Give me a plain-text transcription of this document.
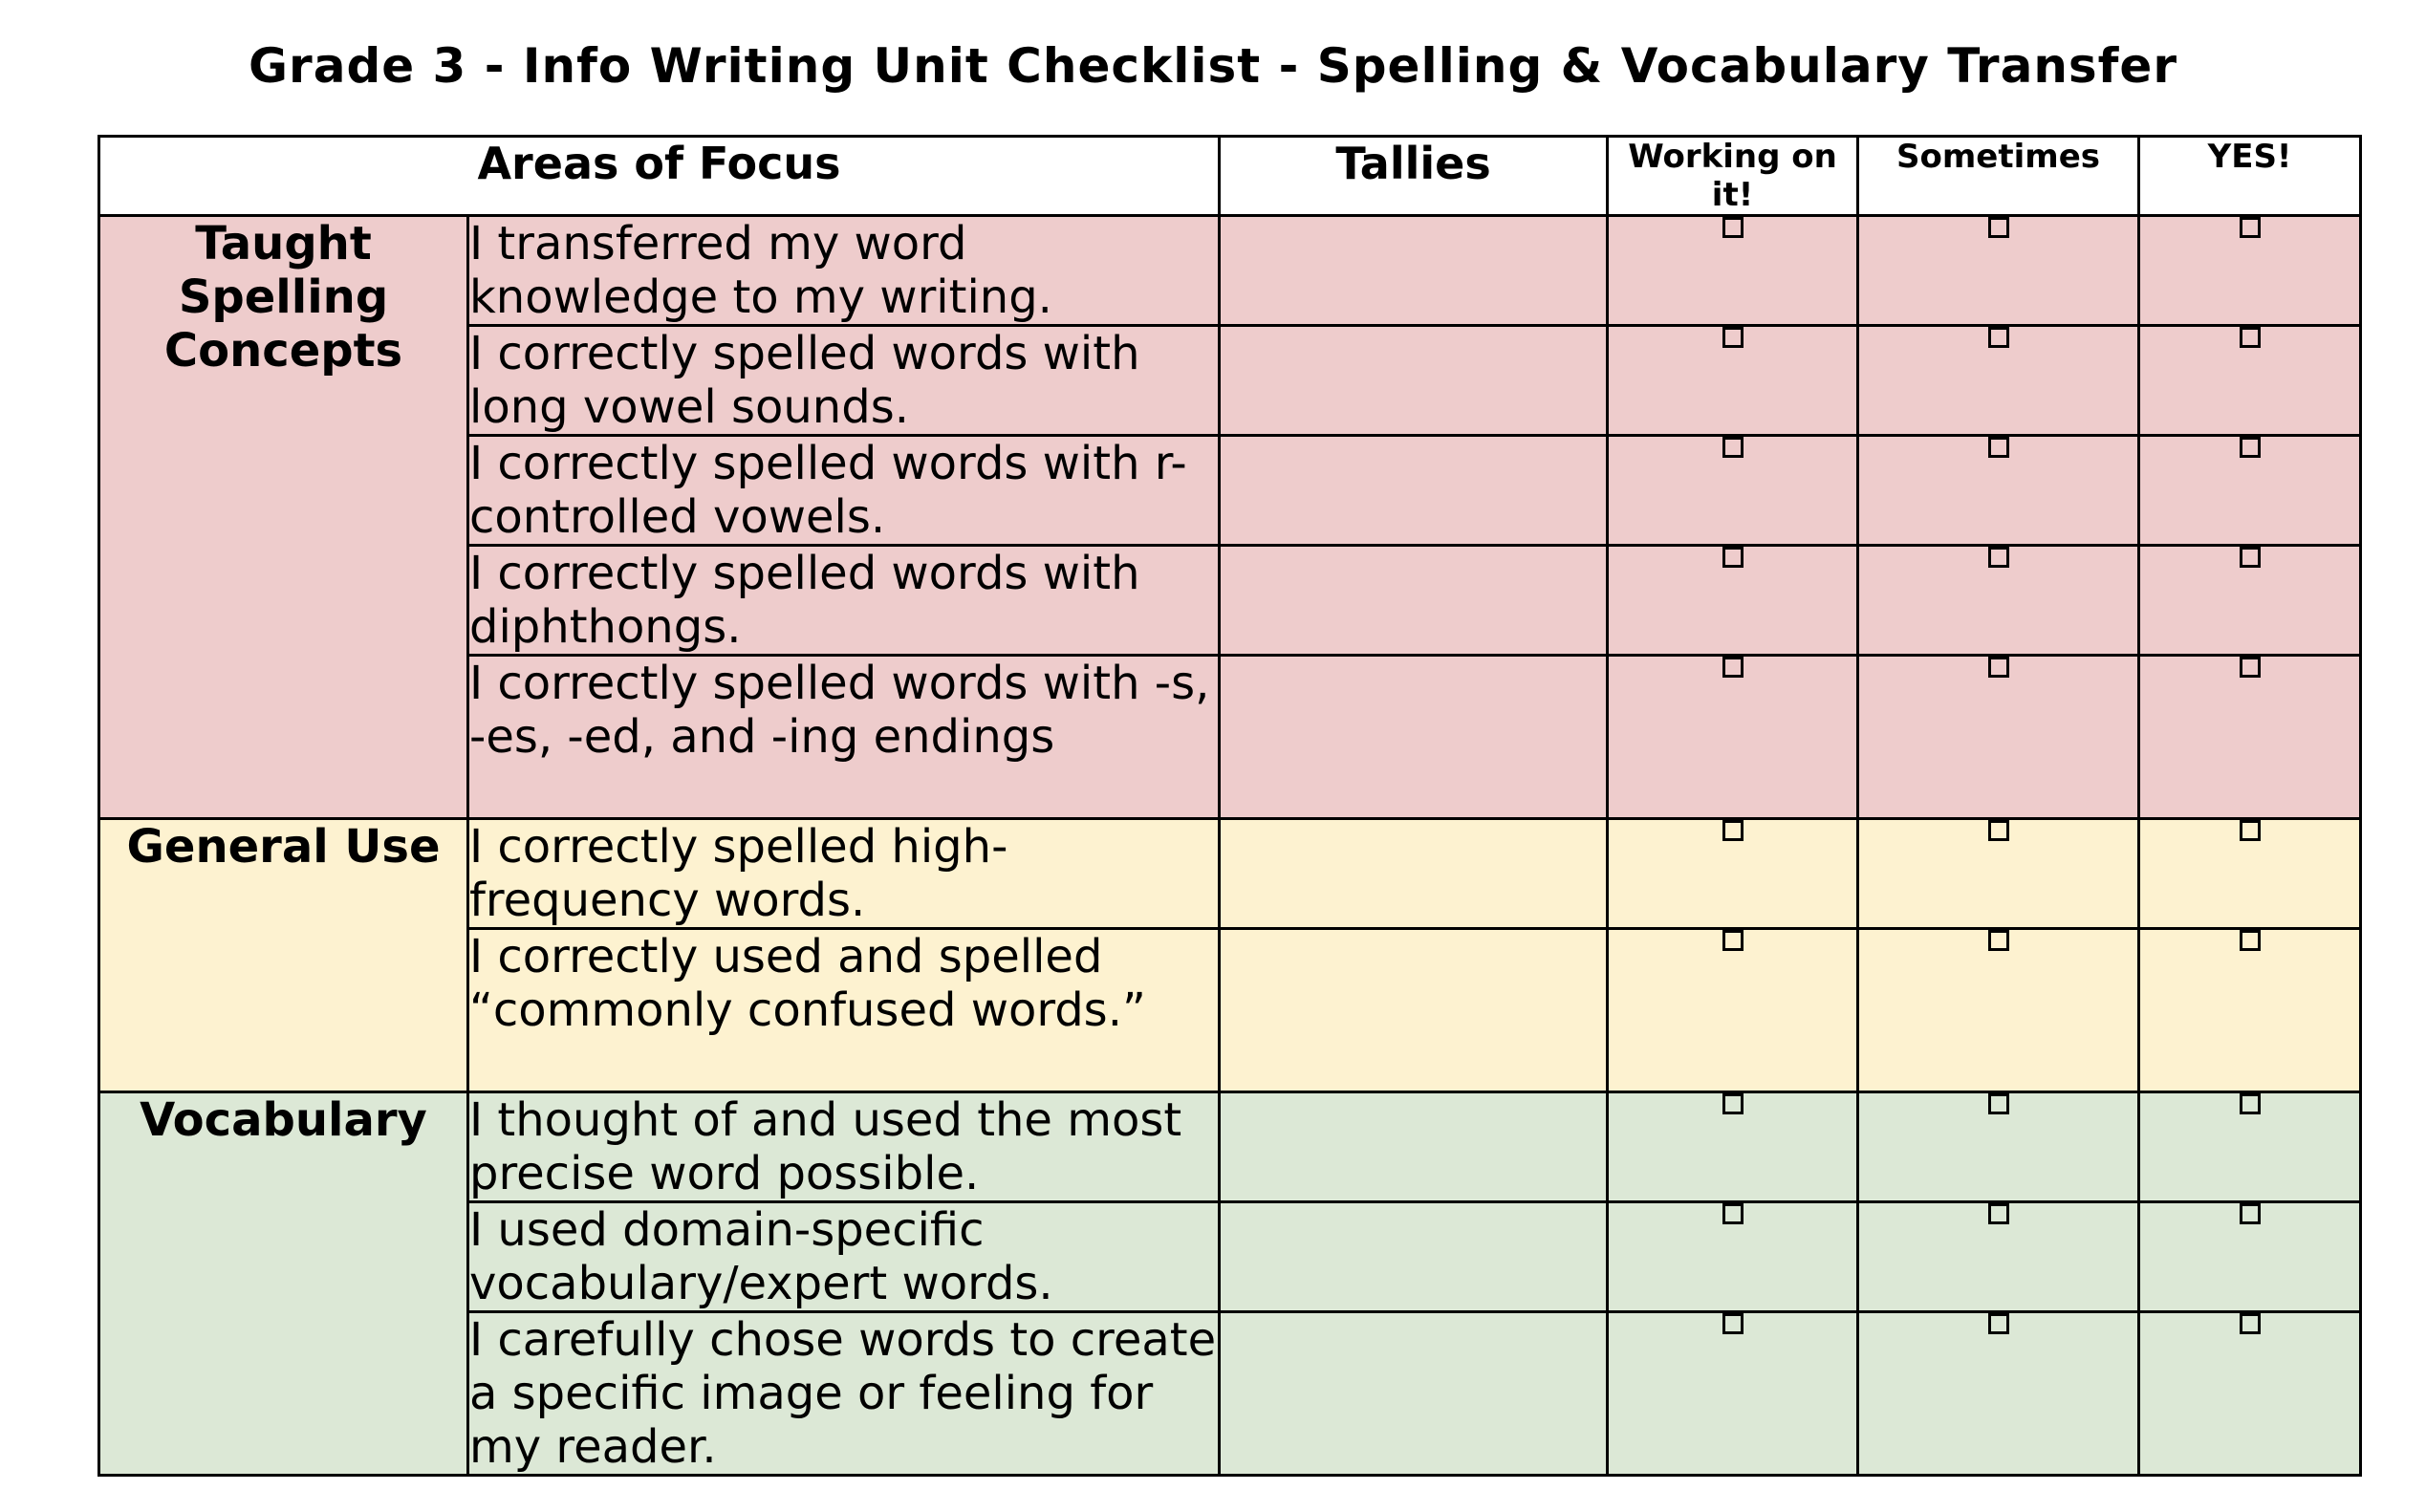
Grade 3 - Info Writing Unit Checklist - Spelling & Vocabulary Transfer
Areas of Focus		Tallies	Working on it!	Sometimes	YES!
Taught Spelling Concepts	I transferred my word knowledge to my writing.				
	I correctly spelled words with long vowel sounds.				
	I correctly spelled words with r-controlled vowels.				
	I correctly spelled words with diphthongs.				
	I correctly spelled words with -s, -es, -ed, and -ing endings				
General Use	I correctly spelled high-frequency words.				
	I correctly used and spelled “commonly confused words.”				
Vocabulary	I thought of and used the most precise word possible.				
	I used domain-specific vocabulary/expert words.				
	I carefully chose words to create a specific image or feeling for my reader.				
